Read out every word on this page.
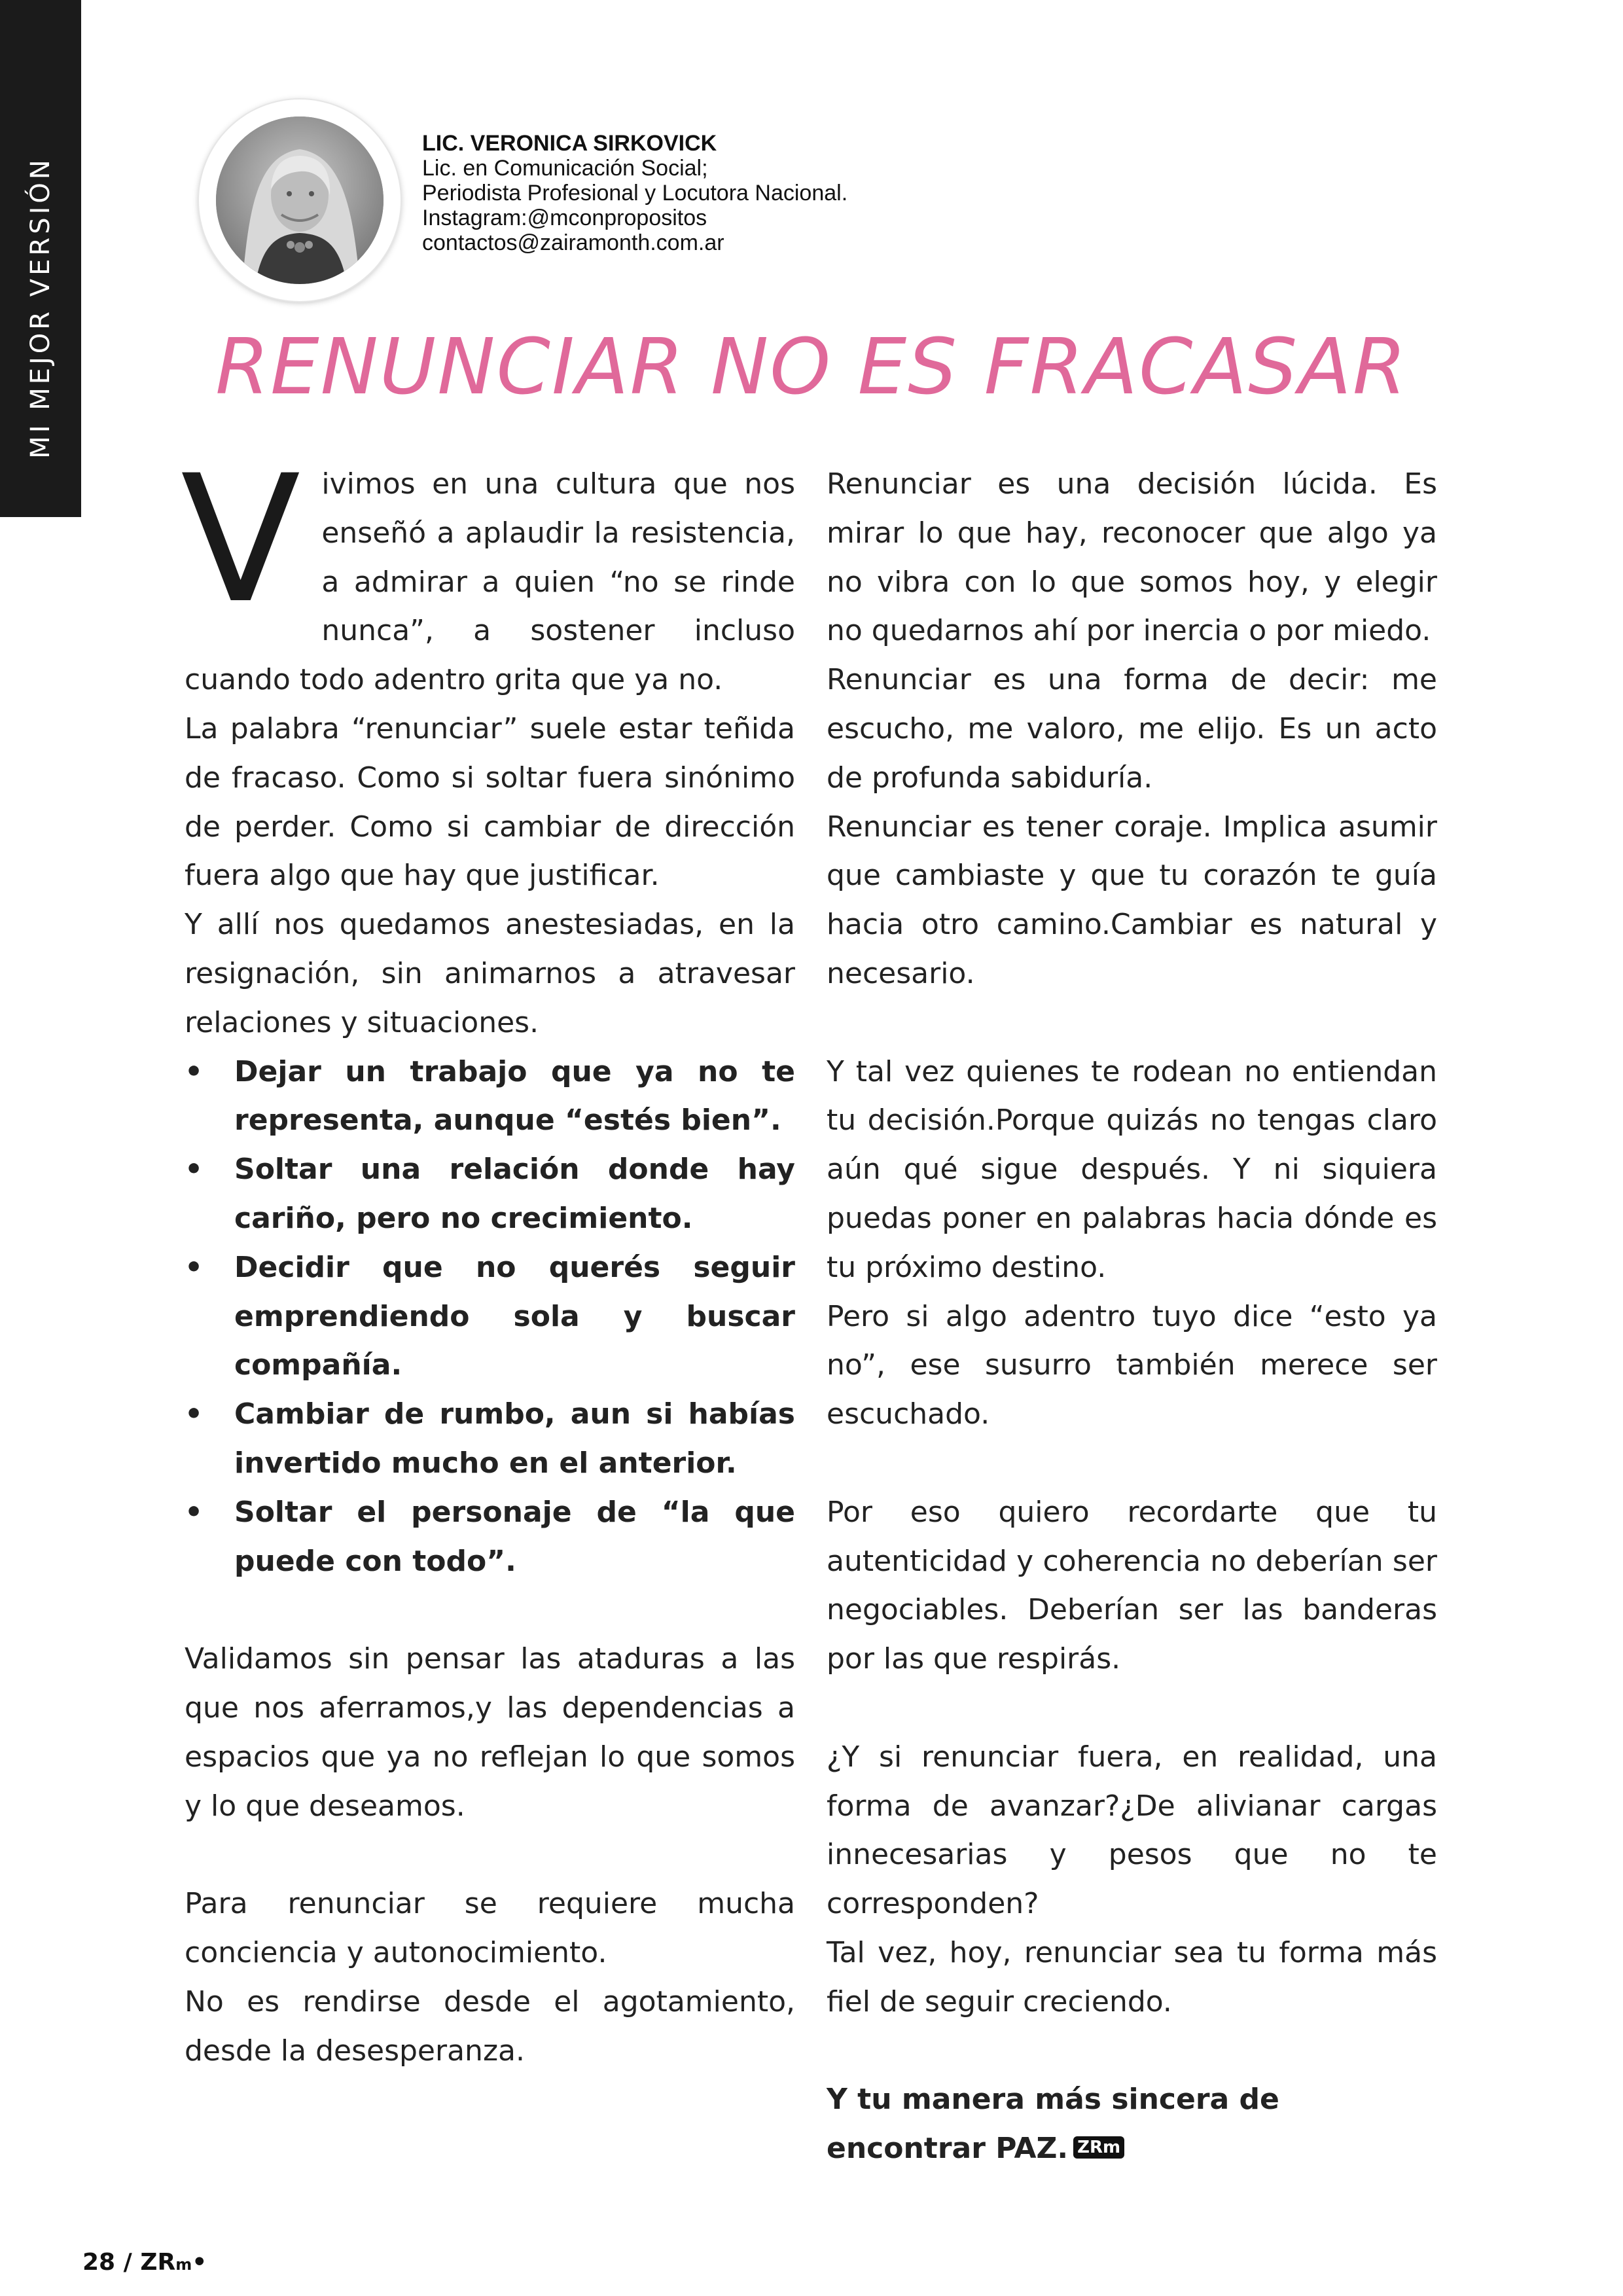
MI MEJOR VERSIÓN
LIC. VERONICA SIRKOVICK
Lic. en Comunicación Social;
Periodista Profesional y Locutora Nacional.
Instagram:@mconpropositos
contactos@zairamonth.com.ar
RENUNCIAR NO ES FRACASAR

Vivimos en una cultura que nos enseñó a aplaudir la resistencia, a admirar a quien “no se rinde nunca”, a sostener incluso cuando todo adentro grita que ya no.

La palabra “renunciar” suele estar teñida de fracaso. Como si soltar fuera sinónimo de perder. Como si cambiar de dirección fuera algo que hay que justificar.

Y allí nos quedamos anestesiadas, en la resignación, sin animarnos a atravesar relaciones y situaciones.

• Dejar un trabajo que ya no te representa, aunque “estés bien”.
• Soltar una relación donde hay cariño, pero no crecimiento.
• Decidir que no querés seguir emprendiendo sola y buscar compañía.
• Cambiar de rumbo, aun si habías invertido mucho en el anterior.
• Soltar el personaje de “la que puede con todo”.

Validamos sin pensar las ataduras a las que nos aferramos,y las dependencias a espacios que ya no reflejan lo que somos y lo que deseamos.

Para renunciar se requiere mucha conciencia y autonocimiento.

No es rendirse desde el agotamiento, desde la desesperanza.

Renunciar es una decisión lúcida. Es mirar lo que hay, reconocer que algo ya no vibra con lo que somos hoy, y elegir no quedarnos ahí por inercia o por miedo.

Renunciar es una forma de decir: me escucho, me valoro, me elijo. Es un acto de profunda sabiduría.

Renunciar es tener coraje. Implica asumir que cambiaste y que tu corazón te guía hacia otro camino.Cambiar es natural y necesario.

Y tal vez quienes te rodean no entiendan tu decisión.Porque quizás no tengas claro aún qué sigue después. Y ni siquiera puedas poner en palabras hacia dónde es tu próximo destino.

Pero si algo adentro tuyo dice “esto ya no”, ese susurro también merece ser escuchado.

Por eso quiero recordarte que tu autenticidad y coherencia no deberían ser negociables. Deberían ser las banderas por las que respirás.

¿Y si renunciar fuera, en realidad, una forma de avanzar?¿De alivianar cargas innecesarias y pesos que no te corresponden?

Tal vez, hoy, renunciar sea tu forma más fiel de seguir creciendo.

Y tu manera más sincera de encontrar PAZ. ZRm

28 / ZRm•
